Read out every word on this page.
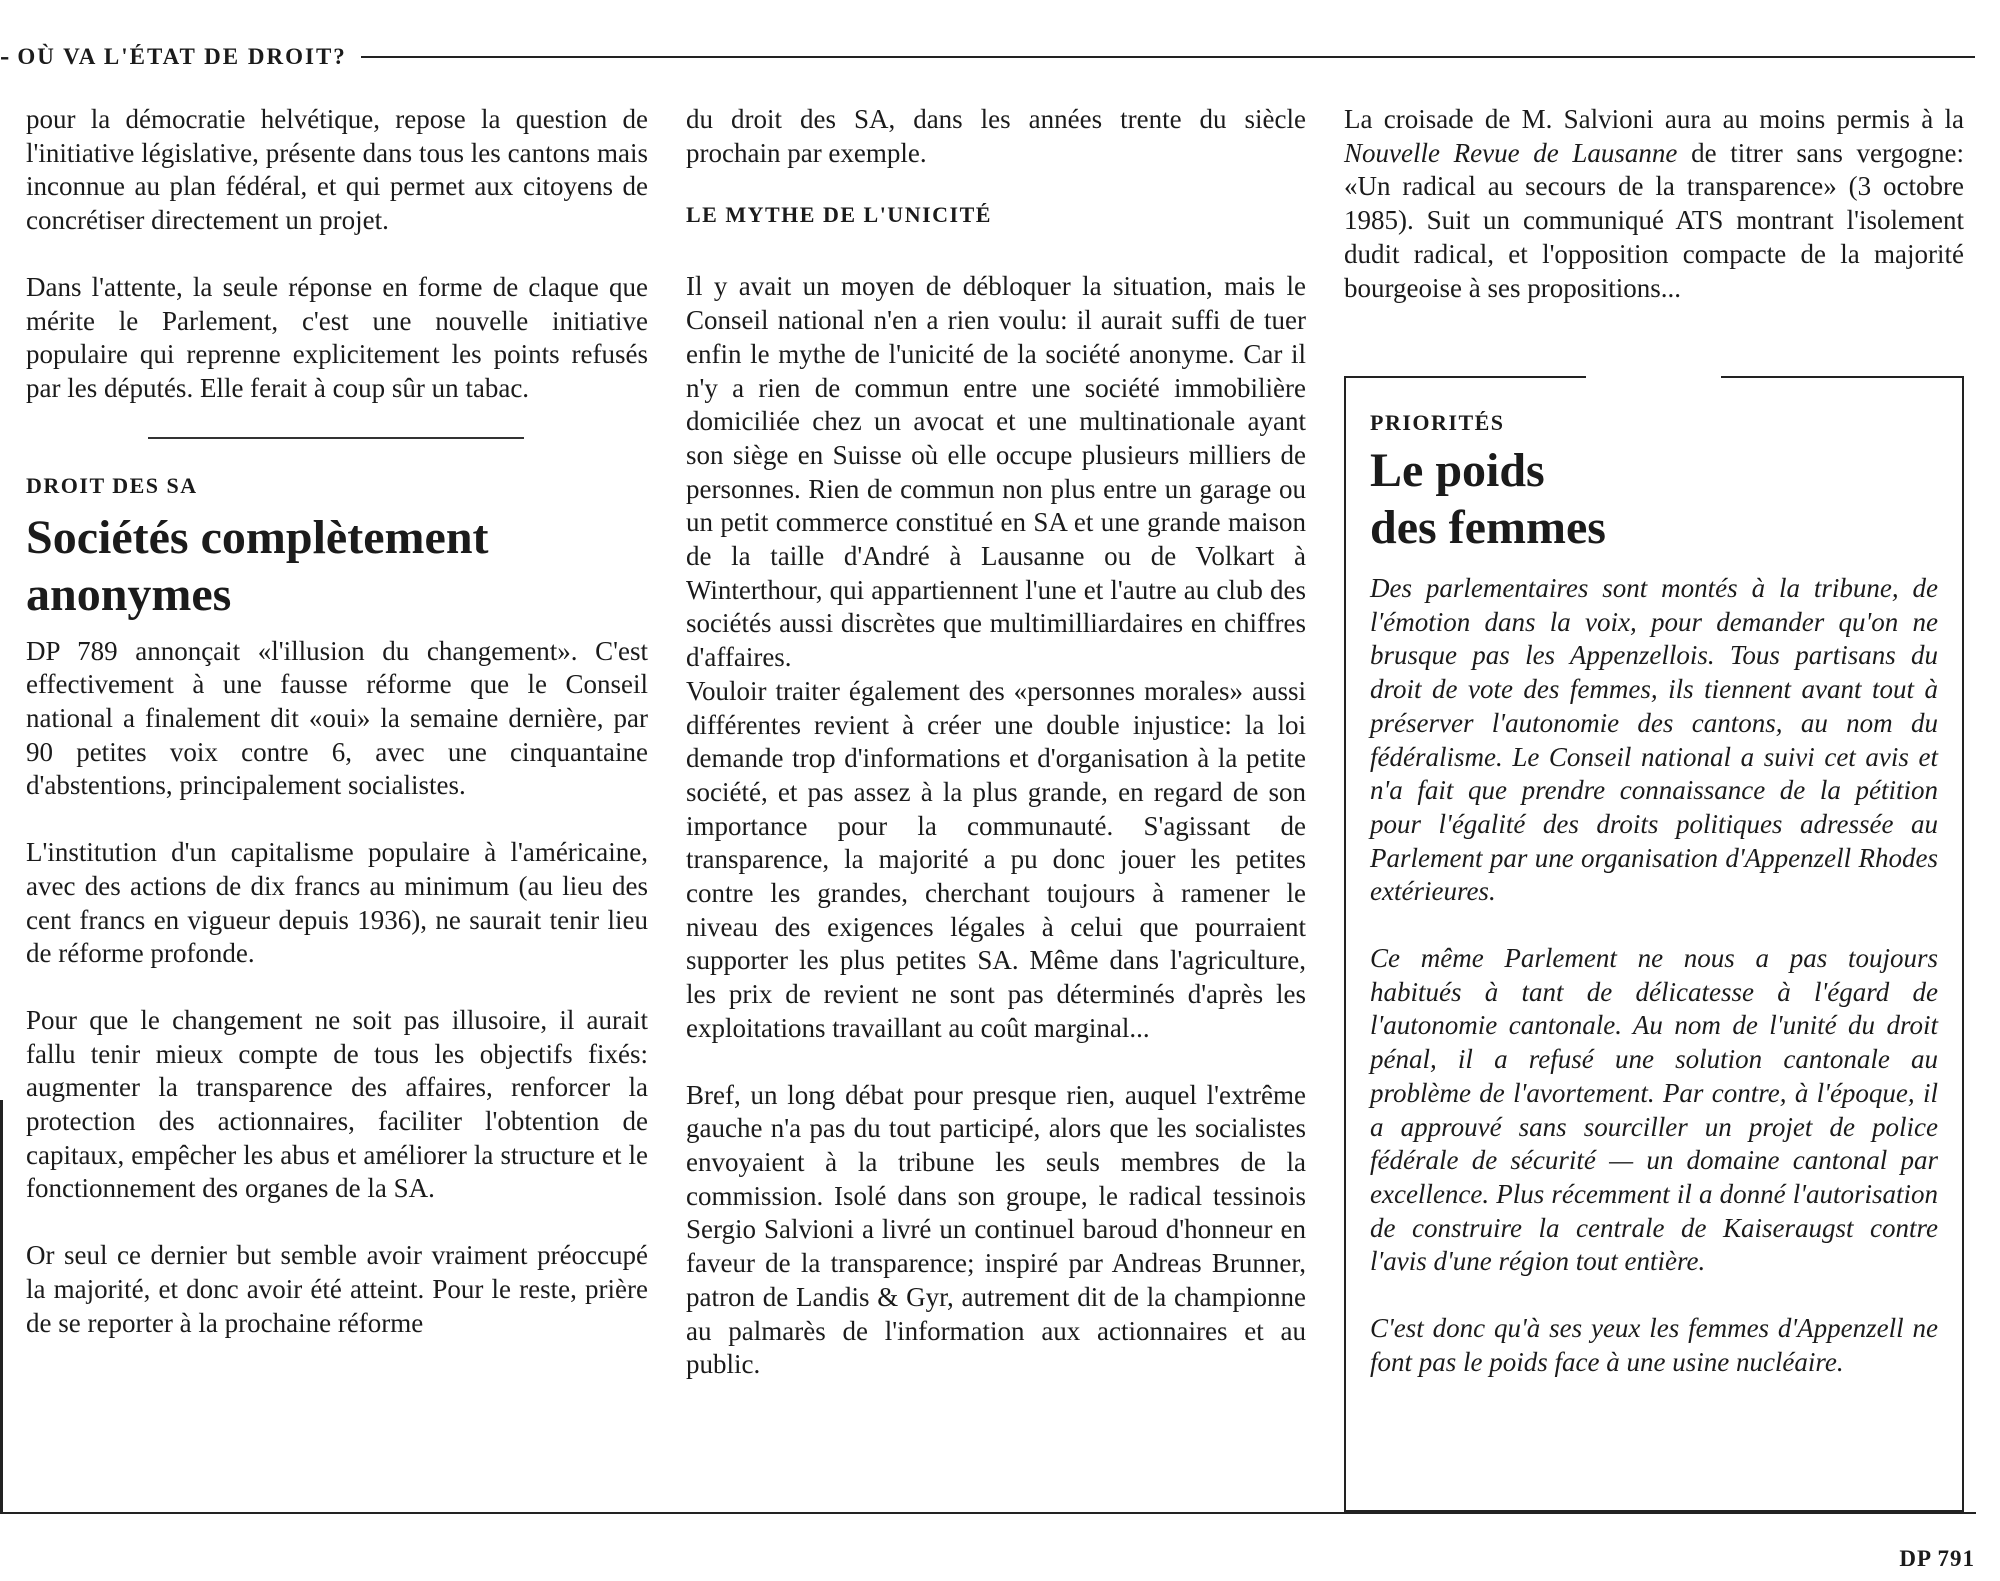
- OÙ VA L'ÉTAT DE DROIT?

pour la démocratie helvétique, repose la question de l'initiative législative, présente dans tous les cantons mais inconnue au plan fédéral, et qui permet aux citoyens de concrétiser directement un projet.

Dans l'attente, la seule réponse en forme de claque que mérite le Parlement, c'est une nouvelle initiative populaire qui reprenne explicitement les points refusés par les députés. Elle ferait à coup sûr un tabac.

DROIT DES SA
Sociétés complètement anonymes

DP 789 annonçait «l'illusion du changement». C'est effectivement à une fausse réforme que le Conseil national a finalement dit «oui» la semaine dernière, par 90 petites voix contre 6, avec une cinquantaine d'abstentions, principalement socialistes.

L'institution d'un capitalisme populaire à l'américaine, avec des actions de dix francs au minimum (au lieu des cent francs en vigueur depuis 1936), ne saurait tenir lieu de réforme profonde.

Pour que le changement ne soit pas illusoire, il aurait fallu tenir mieux compte de tous les objectifs fixés: augmenter la transparence des affaires, renforcer la protection des actionnaires, faciliter l'obtention de capitaux, empêcher les abus et améliorer la structure et le fonctionnement des organes de la SA.

Or seul ce dernier but semble avoir vraiment préoccupé la majorité, et donc avoir été atteint. Pour le reste, prière de se reporter à la prochaine réforme

du droit des SA, dans les années trente du siècle prochain par exemple.

LE MYTHE DE L'UNICITÉ

Il y avait un moyen de débloquer la situation, mais le Conseil national n'en a rien voulu: il aurait suffi de tuer enfin le mythe de l'unicité de la société anonyme. Car il n'y a rien de commun entre une société immobilière domiciliée chez un avocat et une multinationale ayant son siège en Suisse où elle occupe plusieurs milliers de personnes. Rien de commun non plus entre un garage ou un petit commerce constitué en SA et une grande maison de la taille d'André à Lausanne ou de Volkart à Winterthour, qui appartiennent l'une et l'autre au club des sociétés aussi discrètes que multimilliardaires en chiffres d'affaires.

Vouloir traiter également des «personnes morales» aussi différentes revient à créer une double injustice: la loi demande trop d'informations et d'organisation à la petite société, et pas assez à la plus grande, en regard de son importance pour la communauté. S'agissant de transparence, la majorité a pu donc jouer les petites contre les grandes, cherchant toujours à ramener le niveau des exigences légales à celui que pourraient supporter les plus petites SA. Même dans l'agriculture, les prix de revient ne sont pas déterminés d'après les exploitations travaillant au coût marginal...

Bref, un long débat pour presque rien, auquel l'extrême gauche n'a pas du tout participé, alors que les socialistes envoyaient à la tribune les seuls membres de la commission. Isolé dans son groupe, le radical tessinois Sergio Salvioni a livré un continuel baroud d'honneur en faveur de la transparence; inspiré par Andreas Brunner, patron de Landis & Gyr, autrement dit de la championne au palmarès de l'information aux actionnaires et au public.

La croisade de M. Salvioni aura au moins permis à la Nouvelle Revue de Lausanne de titrer sans vergogne: «Un radical au secours de la transparence» (3 octobre 1985). Suit un communiqué ATS montrant l'isolement dudit radical, et l'opposition compacte de la majorité bourgeoise à ses propositions...

PRIORITÉS
Le poids
des femmes

Des parlementaires sont montés à la tribune, de l'émotion dans la voix, pour demander qu'on ne brusque pas les Appenzellois. Tous partisans du droit de vote des femmes, ils tiennent avant tout à préserver l'autonomie des cantons, au nom du fédéralisme. Le Conseil national a suivi cet avis et n'a fait que prendre connaissance de la pétition pour l'égalité des droits politiques adressée au Parlement par une organisation d'Appenzell Rhodes extérieures.

Ce même Parlement ne nous a pas toujours habitués à tant de délicatesse à l'égard de l'autonomie cantonale. Au nom de l'unité du droit pénal, il a refusé une solution cantonale au problème de l'avortement. Par contre, à l'époque, il a approuvé sans sourciller un projet de police fédérale de sécurité — un domaine cantonal par excellence. Plus récemment il a donné l'autorisation de construire la centrale de Kaiseraugst contre l'avis d'une région tout entière.

C'est donc qu'à ses yeux les femmes d'Appenzell ne font pas le poids face à une usine nucléaire.

DP 791
